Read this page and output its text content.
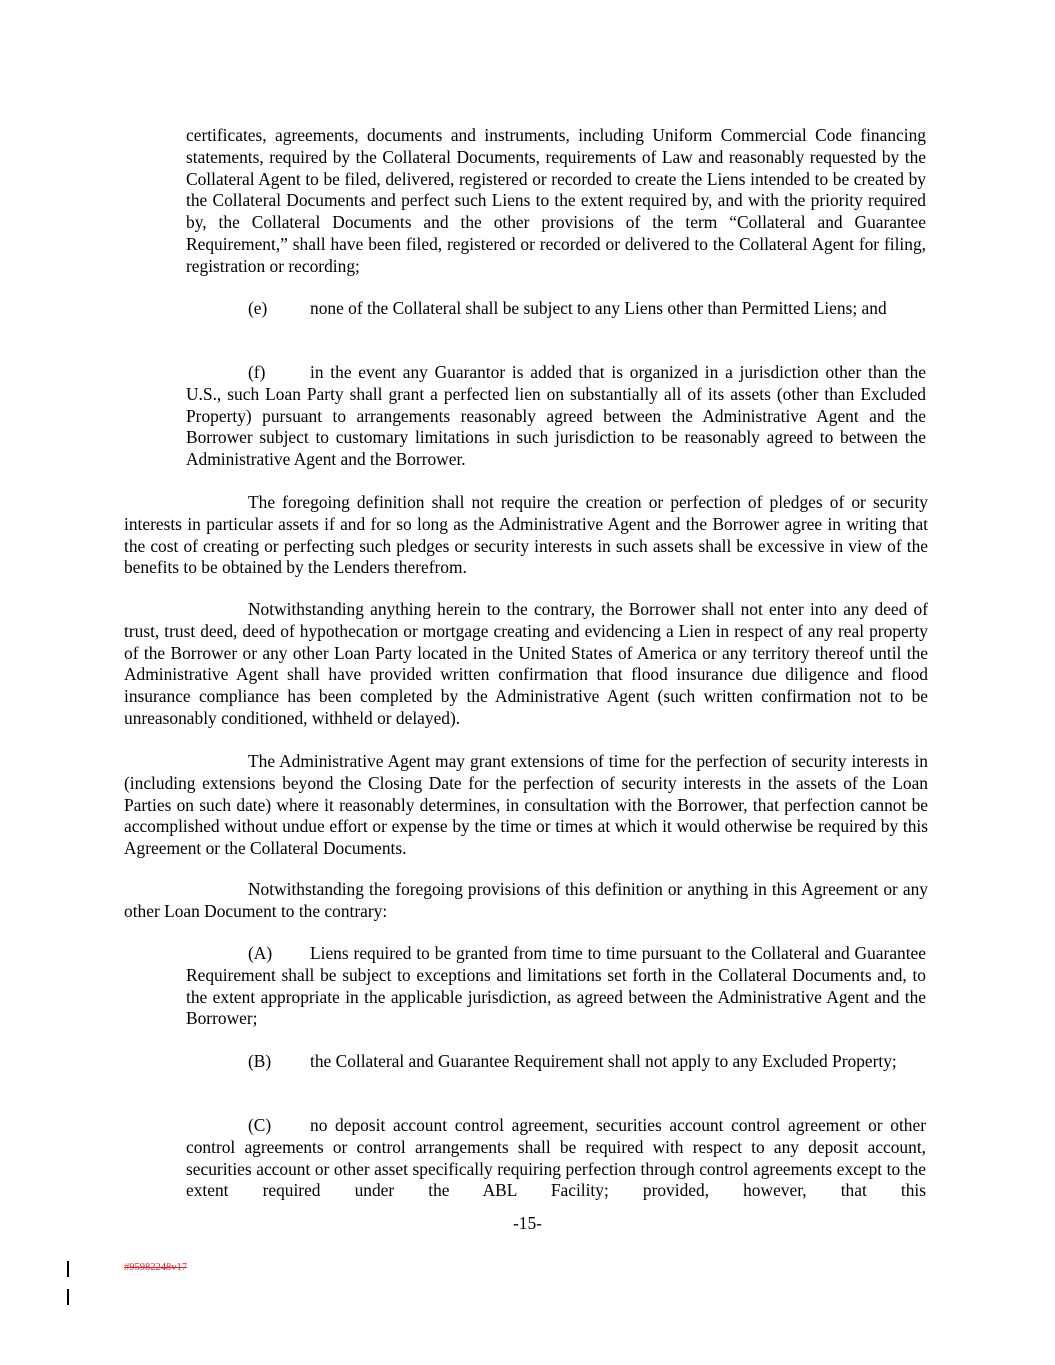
certificates, agreements, documents and instruments, including Uniform Commercial Code financing statements, required by the Collateral Documents, requirements of Law and reasonably requested by the Collateral Agent to be filed, delivered, registered or recorded to create the Liens intended to be created by the Collateral Documents and perfect such Liens to the extent required by, and with the priority required by, the Collateral Documents and the other provisions of the term “Collateral and Guarantee Requirement,” shall have been filed, registered or recorded or delivered to the Collateral Agent for filing, registration or recording;

(e) none of the Collateral shall be subject to any Liens other than Permitted Liens; and

(f)	in the event any Guarantor is added that is organized in a jurisdiction other than the U.S., such Loan Party shall grant a perfected lien on substantially all of its assets (other than Excluded Property) pursuant to arrangements reasonably agreed between the Administrative Agent and the Borrower subject to customary limitations in such jurisdiction to be reasonably agreed to between the Administrative Agent and the Borrower.

The foregoing definition shall not require the creation or perfection of pledges of or security interests in particular assets if and for so long as the Administrative Agent and the Borrower agree in writing that the cost of creating or perfecting such pledges or security interests in such assets shall be excessive in view of the benefits to be obtained by the Lenders therefrom.

Notwithstanding anything herein to the contrary, the Borrower shall not enter into any deed of trust, trust deed, deed of hypothecation or mortgage creating and evidencing a Lien in respect of any real property of the Borrower or any other Loan Party located in the United States of America or any territory thereof until the Administrative Agent shall have provided written confirmation that flood insurance due diligence and flood insurance compliance has been completed by the Administrative Agent (such written confirmation not to be unreasonably conditioned, withheld or delayed).

The Administrative Agent may grant extensions of time for the perfection of security interests in (including extensions beyond the Closing Date for the perfection of security interests in the assets of the Loan Parties on such date) where it reasonably determines, in consultation with the Borrower, that perfection cannot be accomplished without undue effort or expense by the time or times at which it would otherwise be required by this Agreement or the Collateral Documents.

Notwithstanding the foregoing provisions of this definition or anything in this Agreement or any other Loan Document to the contrary:

(A) Liens required to be granted from time to time pursuant to the Collateral and Guarantee Requirement shall be subject to exceptions and limitations set forth in the Collateral Documents and, to the extent appropriate in the applicable jurisdiction, as agreed between the Administrative Agent and the Borrower;

(B) the Collateral and Guarantee Requirement shall not apply to any Excluded Property;

(C) no deposit account control agreement, securities account control agreement or other control agreements or control arrangements shall be required with respect to any deposit account, securities account or other asset specifically requiring perfection through control agreements except to the extent required under the ABL Facility; provided, however, that this

-15-
#95982248v17
